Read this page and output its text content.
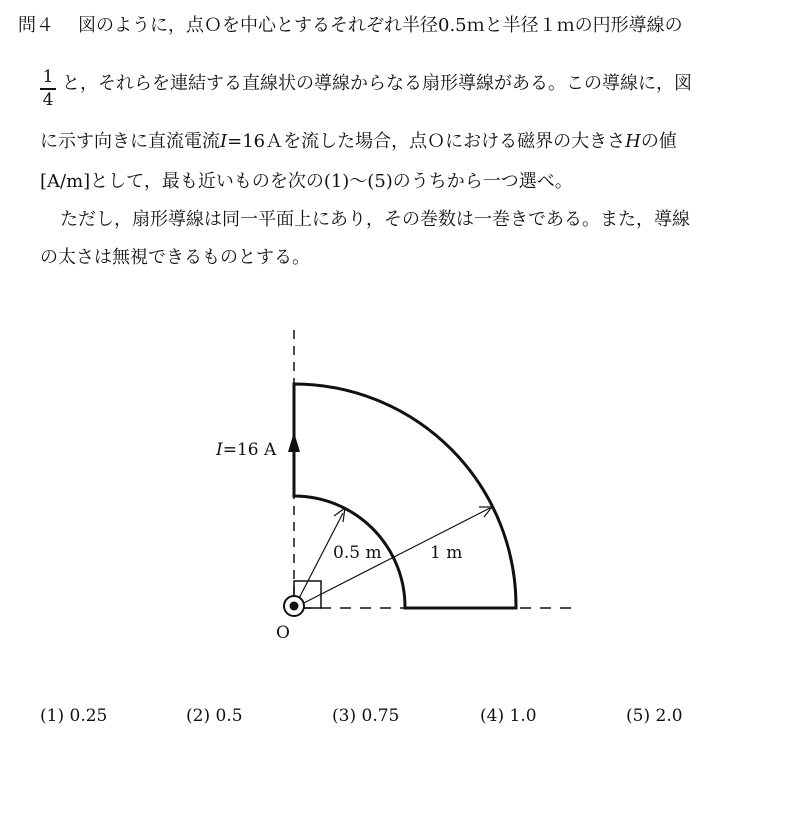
問４ 図のように，点Ｏを中心とするそれぞれ半径0.5ｍと半径１ｍの円形導線の
1
4
と，それらを連結する直線状の導線からなる扇形導線がある。この導線に，図
に示す向きに直流電流I=16Ａを流した場合，点Ｏにおける磁界の大きさHの値
[A/m]として，最も近いものを次の(1)～(5)のうちから一つ選べ。
ただし，扇形導線は同一平面上にあり，その巻数は一巻きである。また，導線
の太さは無視できるものとする。
I=16 A
0.5 m	1 m
O
(1) 0.25	(2) 0.5	(3) 0.75	(4) 1.0	(5) 2.0
